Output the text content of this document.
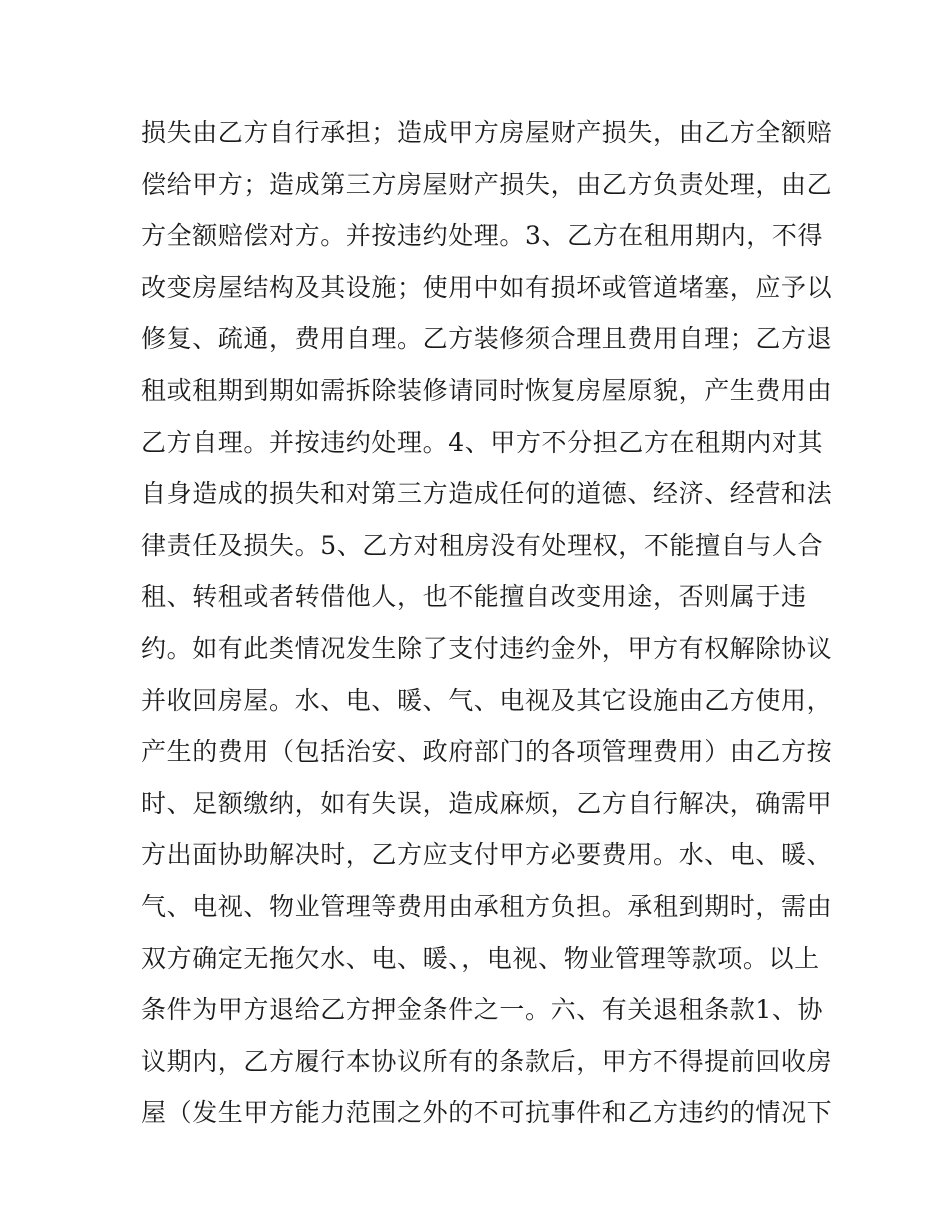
损失由乙方自行承担；造成甲方房屋财产损失，由乙方全额赔
偿给甲方；造成第三方房屋财产损失，由乙方负责处理，由乙
方全额赔偿对方。并按违约处理。3、乙方在租用期内，不得
改变房屋结构及其设施；使用中如有损坏或管道堵塞，应予以
修复、疏通，费用自理。乙方装修须合理且费用自理；乙方退
租或租期到期如需拆除装修请同时恢复房屋原貌，产生费用由
乙方自理。并按违约处理。4、甲方不分担乙方在租期内对其
自身造成的损失和对第三方造成任何的道德、经济、经营和法
律责任及损失。5、乙方对租房没有处理权，不能擅自与人合
租、转租或者转借他人，也不能擅自改变用途，否则属于违
约。如有此类情况发生除了支付违约金外，甲方有权解除协议
并收回房屋。水、电、暖、气、电视及其它设施由乙方使用，
产生的费用（包括治安、政府部门的各项管理费用）由乙方按
时、足额缴纳，如有失误，造成麻烦，乙方自行解决，确需甲
方出面协助解决时，乙方应支付甲方必要费用。水、电、暖、
气、电视、物业管理等费用由承租方负担。承租到期时，需由
双方确定无拖欠水、电、暖、，电视、物业管理等款项。以上
条件为甲方退给乙方押金条件之一。六、有关退租条款1、协
议期内，乙方履行本协议所有的条款后，甲方不得提前回收房
屋（发生甲方能力范围之外的不可抗事件和乙方违约的情况下
